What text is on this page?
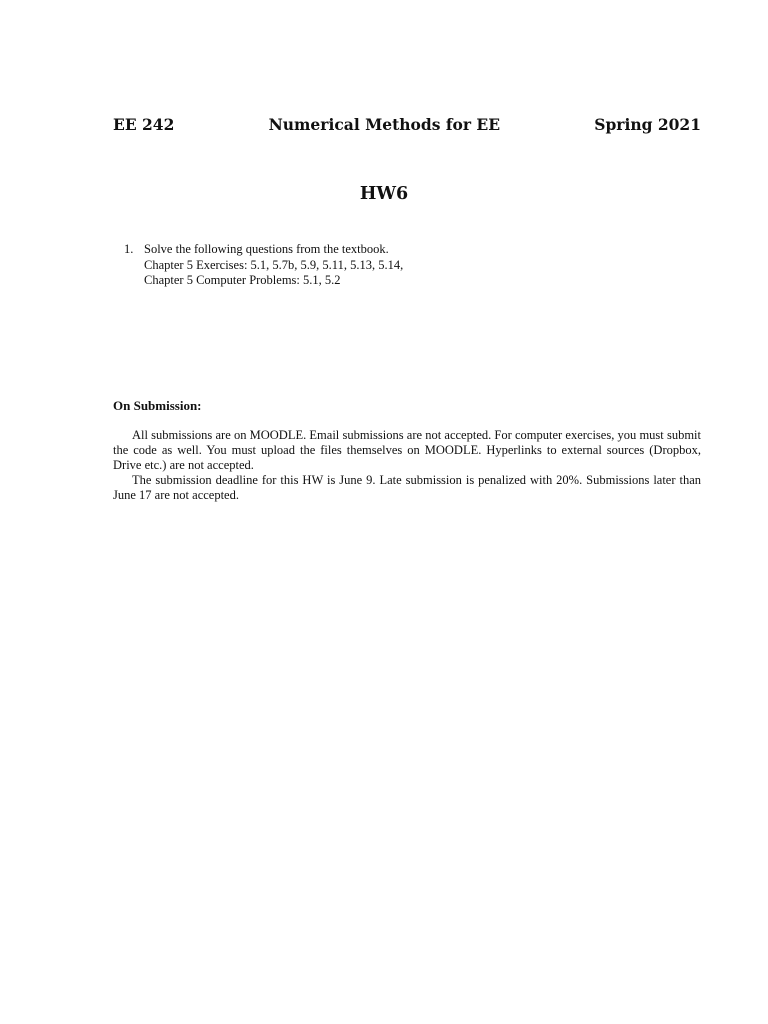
EE 242	Numerical Methods for EE	Spring 2021
HW6
1. Solve the following questions from the textbook.
Chapter 5 Exercises: 5.1, 5.7b, 5.9, 5.11, 5.13, 5.14,
Chapter 5 Computer Problems: 5.1, 5.2
On Submission:

All submissions are on MOODLE. Email submissions are not accepted. For computer exercises, you must submit the code as well. You must upload the files themselves on MOODLE. Hyperlinks to external sources (Dropbox, Drive etc.) are not accepted.

The submission deadline for this HW is June 9. Late submission is penalized with 20%. Submissions later than June 17 are not accepted.
